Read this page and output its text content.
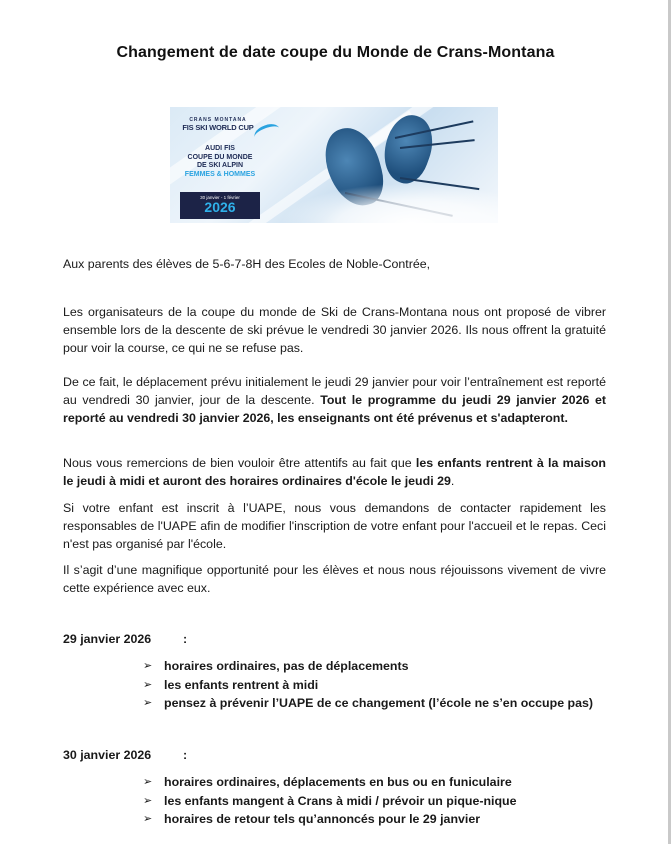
Changement de date coupe du Monde de Crans-Montana
CRANS MONTANA
FIS SKI WORLD CUP
AUDI FIS
COUPE DU MONDE
DE SKI ALPIN
FEMMES & HOMMES
30 janvier - 1 février
2026
Aux parents des élèves de 5-6-7-8H des Ecoles de Noble-Contrée,
Les organisateurs de la coupe du monde de Ski de Crans-Montana nous ont proposé de vibrer ensemble lors de la descente de ski prévue le vendredi 30 janvier 2026. Ils nous offrent la gratuité pour voir la course, ce qui ne se refuse pas.
De ce fait, le déplacement prévu initialement le jeudi 29 janvier pour voir l’entraînement est reporté au vendredi 30 janvier, jour de la descente. Tout le programme du jeudi 29 janvier 2026 et reporté au vendredi 30 janvier 2026, les enseignants ont été prévenus et s'adapteront.
Nous vous remercions de bien vouloir être attentifs au fait que les enfants rentrent à la maison le jeudi à midi et auront des horaires ordinaires d'école le jeudi 29.
Si votre enfant est inscrit à l’UAPE, nous vous demandons de contacter rapidement les responsables de l'UAPE afin de modifier l'inscription de votre enfant pour l'accueil et le repas. Ceci n'est pas organisé par l'école.
Il s’agit d’une magnifique opportunité pour les élèves et nous nous réjouissons vivement de vivre cette expérience avec eux.
29 janvier 2026	:
➢ horaires ordinaires, pas de déplacements
➢ les enfants rentrent à midi
➢ pensez à prévenir l’UAPE de ce changement (l’école ne s’en occupe pas)
30 janvier 2026	:
➢ horaires ordinaires, déplacements en bus ou en funiculaire
➢ les enfants mangent à Crans à midi / prévoir un pique-nique
➢ horaires de retour tels qu’annoncés pour le 29 janvier
